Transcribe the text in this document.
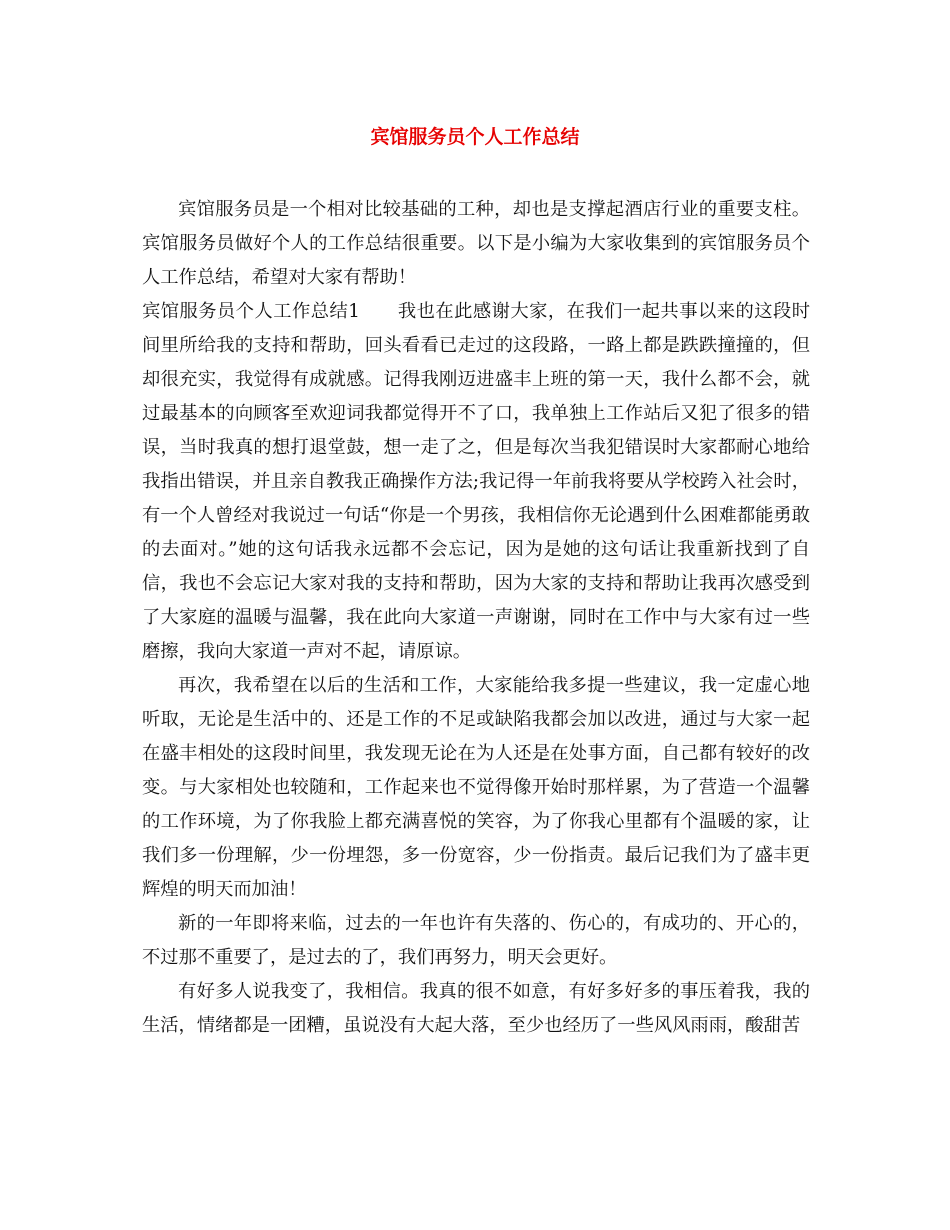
宾馆服务员个人工作总结

宾馆服务员是一个相对比较基础的工种，却也是支撑起酒店行业的重要支柱。宾馆服务员做好个人的工作总结很重要。以下是小编为大家收集到的宾馆服务员个人工作总结，希望对大家有帮助！

宾馆服务员个人工作总结1　　我也在此感谢大家，在我们一起共事以来的这段时间里所给我的支持和帮助，回头看看已走过的这段路，一路上都是跌跌撞撞的，但却很充实，我觉得有成就感。记得我刚迈进盛丰上班的第一天，我什么都不会，就过最基本的向顾客至欢迎词我都觉得开不了口，我单独上工作站后又犯了很多的错误，当时我真的想打退堂鼓，想一走了之，但是每次当我犯错误时大家都耐心地给我指出错误，并且亲自教我正确操作方法;我记得一年前我将要从学校跨入社会时，有一个人曾经对我说过一句话“你是一个男孩，我相信你无论遇到什么困难都能勇敢的去面对。”她的这句话我永远都不会忘记，因为是她的这句话让我重新找到了自信，我也不会忘记大家对我的支持和帮助，因为大家的支持和帮助让我再次感受到了大家庭的温暖与温馨，我在此向大家道一声谢谢，同时在工作中与大家有过一些磨擦，我向大家道一声对不起，请原谅。

再次，我希望在以后的生活和工作，大家能给我多提一些建议，我一定虚心地听取，无论是生活中的、还是工作的不足或缺陷我都会加以改进，通过与大家一起在盛丰相处的这段时间里，我发现无论在为人还是在处事方面，自己都有较好的改变。与大家相处也较随和，工作起来也不觉得像开始时那样累，为了营造一个温馨的工作环境，为了你我脸上都充满喜悦的笑容，为了你我心里都有个温暖的家，让我们多一份理解，少一份埋怨，多一份宽容，少一份指责。最后记我们为了盛丰更辉煌的明天而加油！

新的一年即将来临，过去的一年也许有失落的、伤心的，有成功的、开心的，不过那不重要了，是过去的了，我们再努力，明天会更好。

有好多人说我变了，我相信。我真的很不如意，有好多好多的事压着我，我的生活，情绪都是一团糟，虽说没有大起大落，至少也经历了一些风风雨雨，酸甜苦
